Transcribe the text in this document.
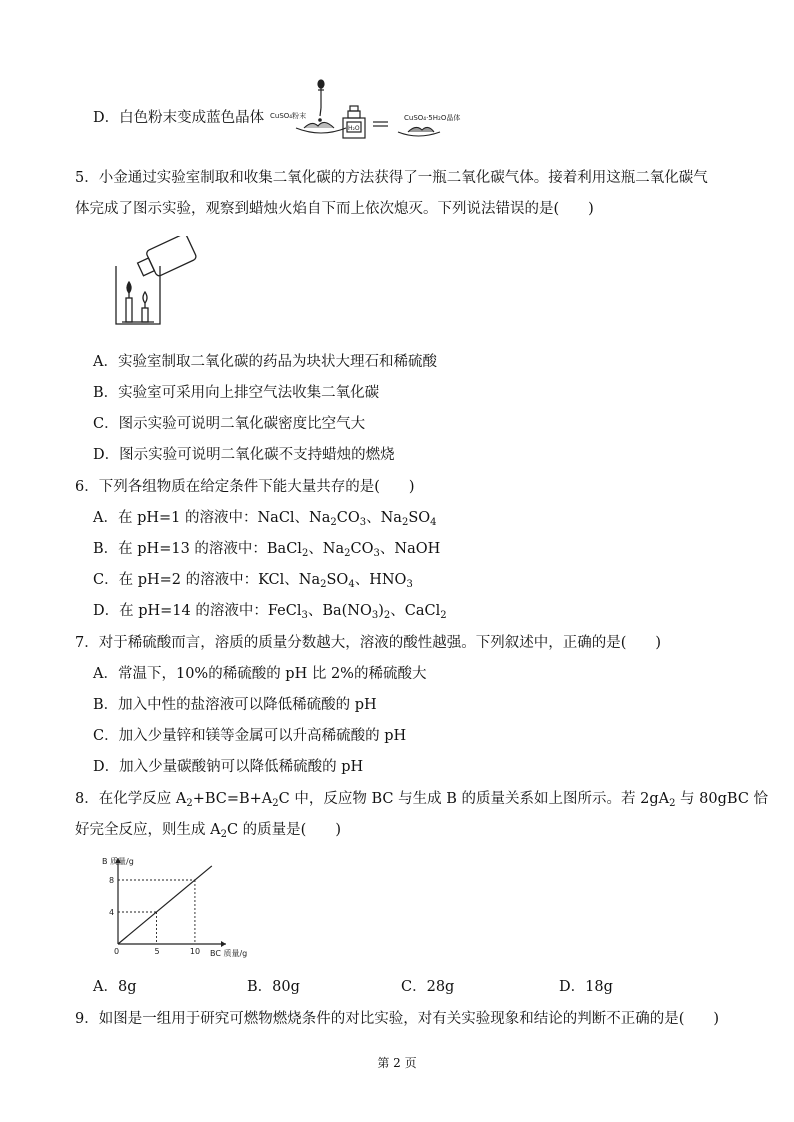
D．白色粉末变成蓝色晶体 CuSO₄粉末
H₂O
CuSO₄·5H₂O晶体
5．小金通过实验室制取和收集二氧化碳的方法获得了一瓶二氧化碳气体。接着利用这瓶二氧化碳气
体完成了图示实验，观察到蜡烛火焰自下而上依次熄灭。下列说法错误的是(　　)
A．实验室制取二氧化碳的药品为块状大理石和稀硫酸
B．实验室可采用向上排空气法收集二氧化碳
C．图示实验可说明二氧化碳密度比空气大
D．图示实验可说明二氧化碳不支持蜡烛的燃烧
6．下列各组物质在给定条件下能大量共存的是(　　)
A．在 pH=1 的溶液中：NaCl、$Na_2CO_3$、$Na_2SO_4$
B．在 pH=13 的溶液中：BaCl$_2$、$Na_2CO_3$、NaOH
C．在 pH=2 的溶液中：KCl、$Na_2SO_4$、$HNO_3$
D．在 pH=14 的溶液中：FeCl$_3$、$Ba(NO_3)_2$、CaCl$_2$
7．对于稀硫酸而言，溶质的质量分数越大，溶液的酸性越强。下列叙述中，正确的是(　　)
A．常温下，10%的稀硫酸的 pH 比 2%的稀硫酸大
B．加入中性的盐溶液可以降低稀硫酸的 pH
C．加入少量锌和镁等金属可以升高稀硫酸的 pH
D．加入少量碳酸钠可以降低稀硫酸的 pH
8．在化学反应 $A_2+BC=B+A_2C$ 中，反应物 BC 与生成 B 的质量关系如上图所示。若 $2gA_2$ 与 80gBC 恰
好完全反应，则生成 $A_2C$ 的质量是(　　)
0	5	10
4
8
B 质量/g
BC 质量/g
A．8g	B．80g	C．28g	D．18g
9．如图是一组用于研究可燃物燃烧条件的对比实验，对有关实验现象和结论的判断不正确的是(　　)
第 2 页
